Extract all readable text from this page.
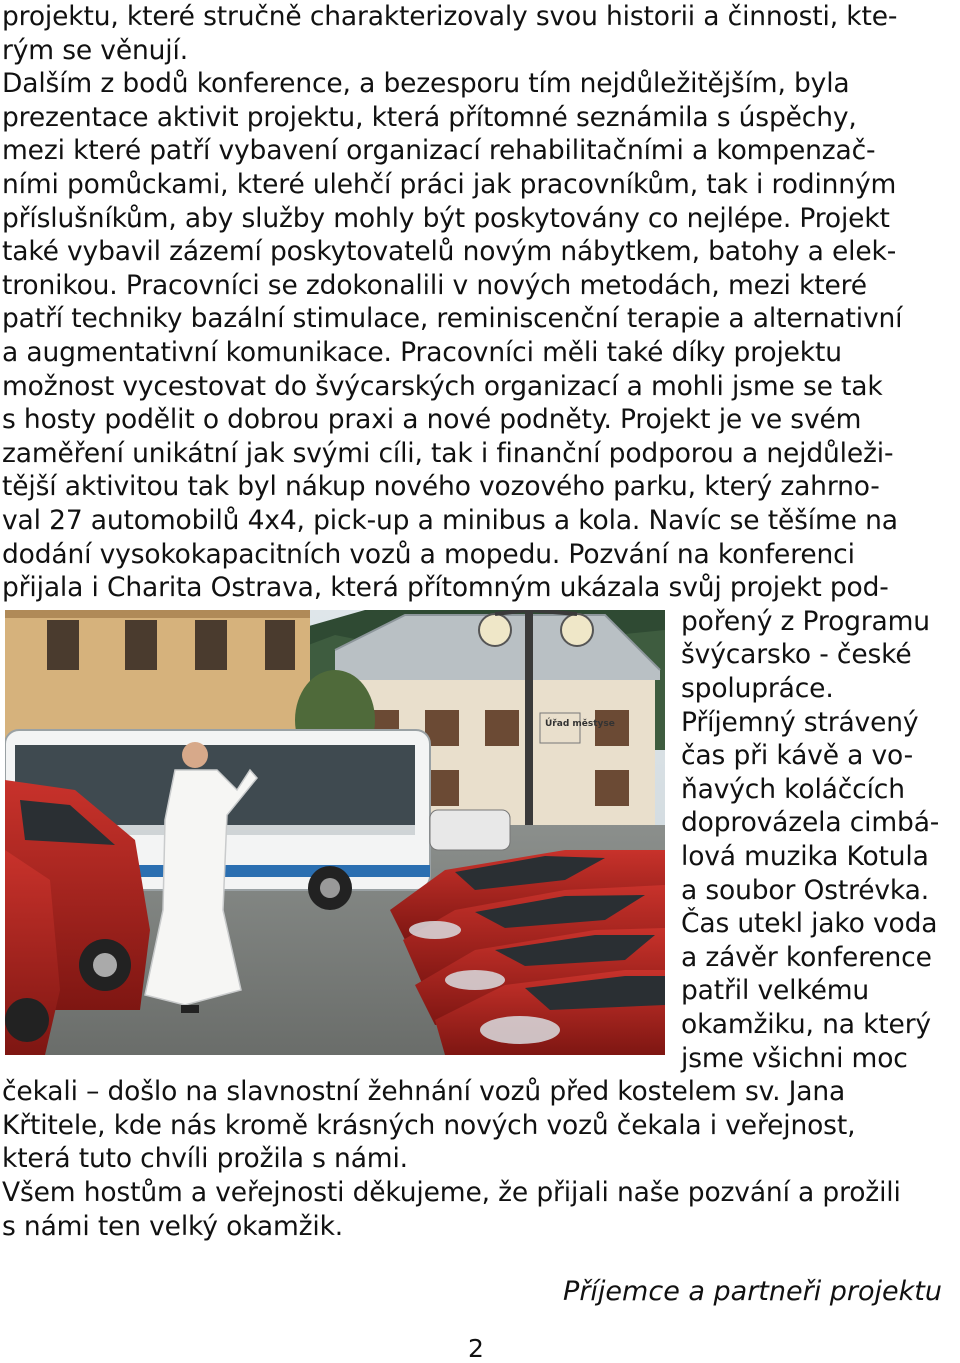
projektu, které stručně charakterizovaly svou historii a činnosti, kte-
rým se věnují.
Dalším z bodů konference, a bezesporu tím nejdůležitějším, byla
prezentace aktivit projektu, která přítomné seznámila s úspěchy,
mezi které patří vybavení organizací rehabilitačními a kompenzač-
ními pomůckami, které ulehčí práci jak pracovníkům, tak i rodinným
příslušníkům, aby služby mohly být poskytovány co nejlépe. Projekt
také vybavil zázemí poskytovatelů novým nábytkem, batohy a elek-
tronikou. Pracovníci se zdokonalili v nových metodách, mezi které
patří techniky bazální stimulace, reminiscenční terapie a alternativní
a augmentativní komunikace. Pracovníci měli také díky projektu
možnost vycestovat do švýcarských organizací a mohli jsme se tak
s hosty podělit o dobrou praxi a nové podněty. Projekt je ve svém
zaměření unikátní jak svými cíli, tak i finanční podporou a nejdůleži-
tější aktivitou tak byl nákup nového vozového parku, který zahrno-
val 27 automobilů 4x4, pick-up a minibus a kola. Navíc se těšíme na
dodání vysokokapacitních vozů a mopedu. Pozvání na konferenci
přijala i Charita Ostrava, která přítomným ukázala svůj projekt pod-
Úřad městyse
pořený z Programu
švýcarsko - české
spolupráce.
Příjemný strávený
čas při kávě a vo-
ňavých koláčcích
doprovázela cimbá-
lová muzika Kotula
a soubor Ostrévka.
Čas utekl jako voda
a závěr konference
patřil velkému
okamžiku, na který
jsme všichni moc
čekali – došlo na slavnostní žehnání vozů před kostelem sv. Jana
Křtitele, kde nás kromě krásných nových vozů čekala i veřejnost,
která tuto chvíli prožila s námi.
Všem hostům a veřejnosti děkujeme, že přijali naše pozvání a prožili
s námi ten velký okamžik.
Příjemce a partneři projektu
2
